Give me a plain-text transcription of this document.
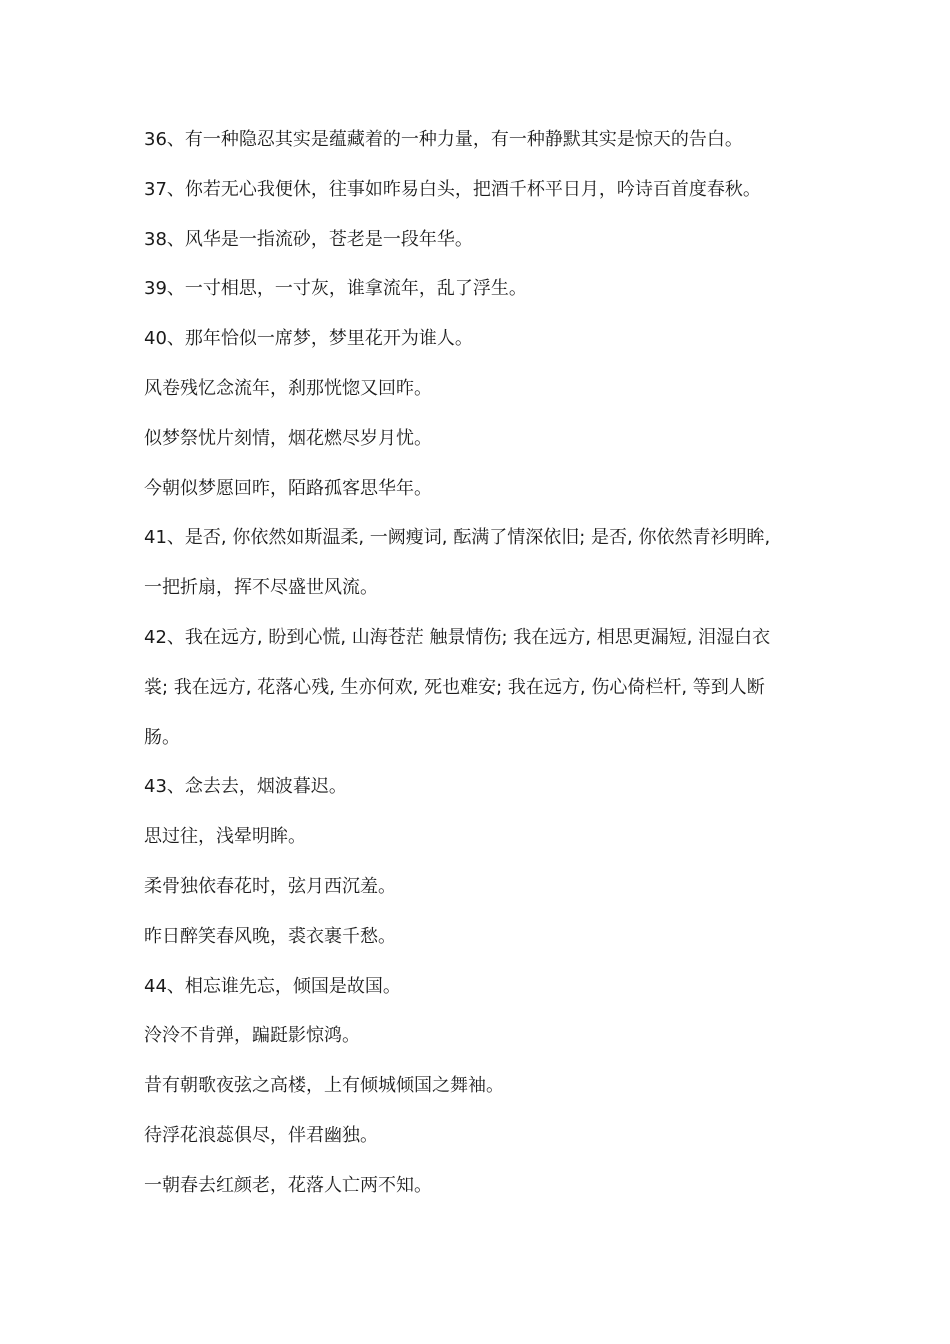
36、有一种隐忍其实是蕴藏着的一种力量，有一种静默其实是惊天的告白。
37、你若无心我便休，往事如昨易白头，把酒千杯平日月，吟诗百首度春秋。
38、风华是一指流砂，苍老是一段年华。
39、一寸相思，一寸灰，谁拿流年，乱了浮生。
40、那年恰似一席梦，梦里花开为谁人。
风卷残忆念流年，刹那恍惚又回昨。
似梦祭忧片刻情，烟花燃尽岁月忧。
今朝似梦愿回昨，陌路孤客思华年。
41、是否, 你依然如斯温柔, 一阙瘦词, 酝满了情深依旧; 是否, 你依然青衫明眸,
一把折扇，挥不尽盛世风流。
42、我在远方, 盼到心慌, 山海苍茫 触景情伤; 我在远方, 相思更漏短, 泪湿白衣
裳; 我在远方, 花落心残, 生亦何欢, 死也难安; 我在远方, 伤心倚栏杆, 等到人断
肠。
43、念去去，烟波暮迟。
思过往，浅晕明眸。
柔骨独依春花时，弦月西沉羞。
昨日醉笑春风晚，裘衣裹千愁。
44、相忘谁先忘，倾国是故国。
泠泠不肯弹，蹁跹影惊鸿。
昔有朝歌夜弦之高楼，上有倾城倾国之舞袖。
待浮花浪蕊俱尽，伴君幽独。
一朝春去红颜老，花落人亡两不知。
